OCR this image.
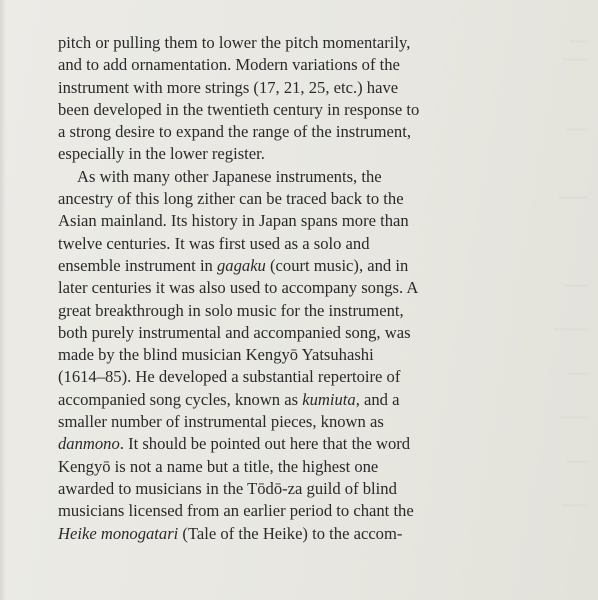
pitch or pulling them to lower the pitch momentarily,
and to add ornamentation. Modern variations of the
instrument with more strings (17, 21, 25, etc.) have
been developed in the twentieth century in response to
a strong desire to expand the range of the instrument,
especially in the lower register.
As with many other Japanese instruments, the
ancestry of this long zither can be traced back to the
Asian mainland. Its history in Japan spans more than
twelve centuries. It was first used as a solo and
ensemble instrument in gagaku (court music), and in
later centuries it was also used to accompany songs. A
great breakthrough in solo music for the instrument,
both purely instrumental and accompanied song, was
made by the blind musician Kengyō Yatsuhashi
(1614–85). He developed a substantial repertoire of
accompanied song cycles, known as kumiuta, and a
smaller number of instrumental pieces, known as
danmono. It should be pointed out here that the word
Kengyō is not a name but a title, the highest one
awarded to musicians in the Tōdō-za guild of blind
musicians licensed from an earlier period to chant the
Heike monogatari (Tale of the Heike) to the accom-
